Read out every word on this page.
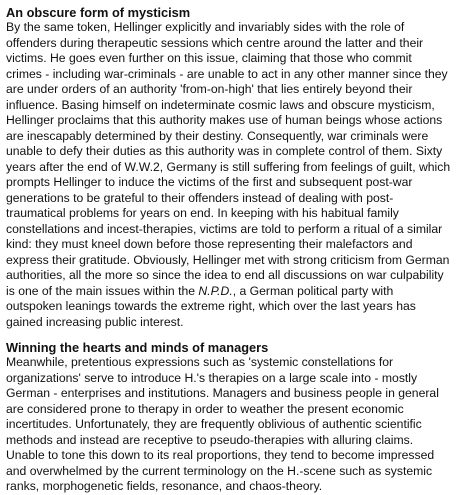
An obscure form of mysticism
By the same token, Hellinger explicitly and invariably sides with the role of
offenders during therapeutic sessions which centre around the latter and their
victims. He goes even further on this issue, claiming that those who commit
crimes - including war-criminals - are unable to act in any other manner since they
are under orders of an authority 'from-on-high' that lies entirely beyond their
influence. Basing himself on indeterminate cosmic laws and obscure mysticism,
Hellinger proclaims that this authority makes use of human beings whose actions
are inescapably determined by their destiny. Consequently, war criminals were
unable to defy their duties as this authority was in complete control of them. Sixty
years after the end of W.W.2, Germany is still suffering from feelings of guilt, which
prompts Hellinger to induce the victims of the first and subsequent post-war
generations to be grateful to their offenders instead of dealing with post-
traumatical problems for years on end. In keeping with his habitual family
constellations and incest-therapies, victims are told to perform a ritual of a similar
kind: they must kneel down before those representing their malefactors and
express their gratitude. Obviously, Hellinger met with strong criticism from German
authorities, all the more so since the idea to end all discussions on war culpability
is one of the main issues within the N.P.D., a German political party with
outspoken leanings towards the extreme right, which over the last years has
gained increasing public interest.
Winning the hearts and minds of managers
Meanwhile, pretentious expressions such as 'systemic constellations for
organizations' serve to introduce H.'s therapies on a large scale into - mostly
German - enterprises and institutions. Managers and business people in general
are considered prone to therapy in order to weather the present economic
incertitudes. Unfortunately, they are frequently oblivious of authentic scientific
methods and instead are receptive to pseudo-therapies with alluring claims.
Unable to tone this down to its real proportions, they tend to become impressed
and overwhelmed by the current terminology on the H.-scene such as systemic
ranks, morphogenetic fields, resonance, and chaos-theory.
